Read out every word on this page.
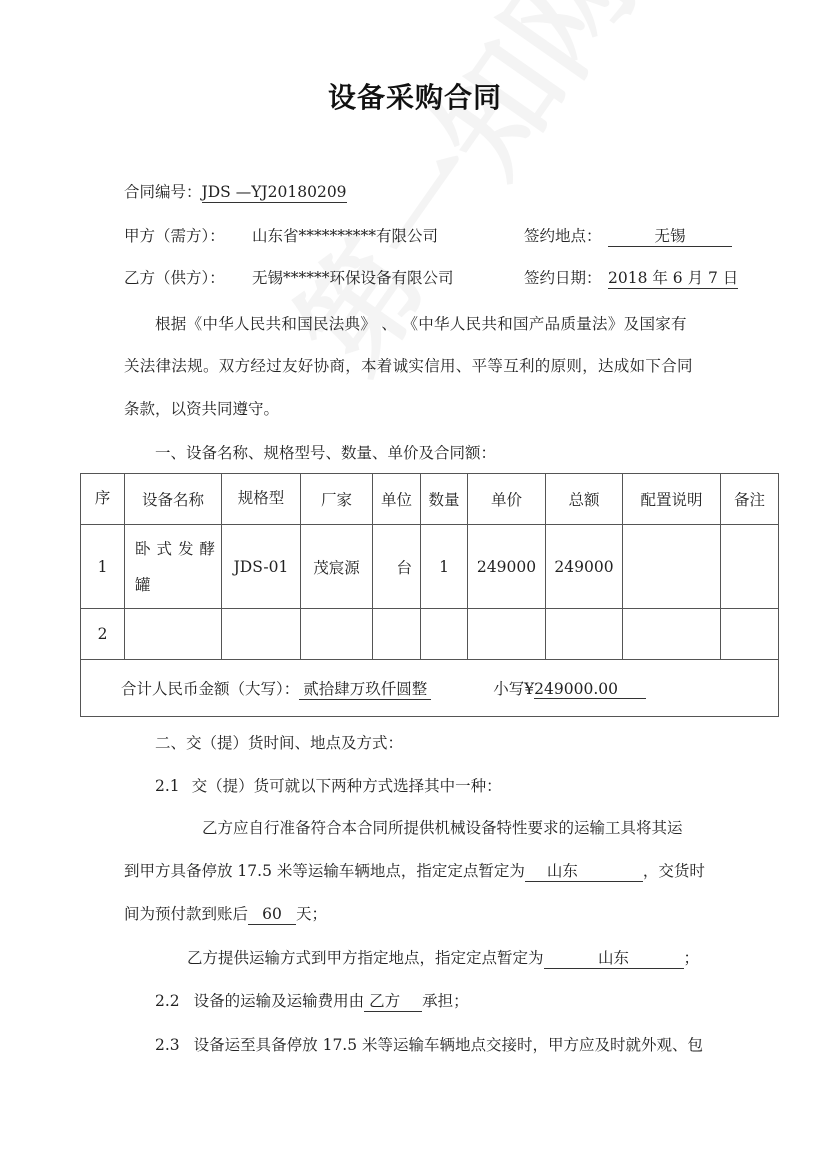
设备采购合同
合同编号：JDS —YJ20180209
甲方（需方）： 山东省**********有限公司	签约地点：	无锡
乙方（供方）： 无锡******环保设备有限公司	签约日期： 2018 年 6 月 7 日
根据《中华人民共和国民法典》 、 《中华人民共和国产品质量法》及国家有
关法律法规。双方经过友好协商，本着诚实信用、平等互利的原则，达成如下合同
条款，以资共同遵守。
一、设备名称、规格型号、数量、单价及合同额：
序	设备名称	规格型	厂家	单位	数量	单价	总额	配置说明	备注
1	卧式发酵罐	JDS-01	茂宸源	台	1	249000	249000		
2									
合计人民币金额（大写）： 贰拾肆万玖仟圆整 小写¥249000.00									
二、交（提）货时间、地点及方式：
2.1 交（提）货可就以下两种方式选择其中一种：
乙方应自行准备符合本合同所提供机械设备特性要求的运输工具将其运
到甲方具备停放 17.5 米等运输车辆地点，指定定点暂定为 山东	，交货时
间为预付款到账后 60 天；
乙方提供运输方式到甲方指定地点，指定定点暂定为	山东	；
2.2 设备的运输及运输费用由 乙方 承担；
2.3 设备运至具备停放 17.5 米等运输车辆地点交接时，甲方应及时就外观、包
